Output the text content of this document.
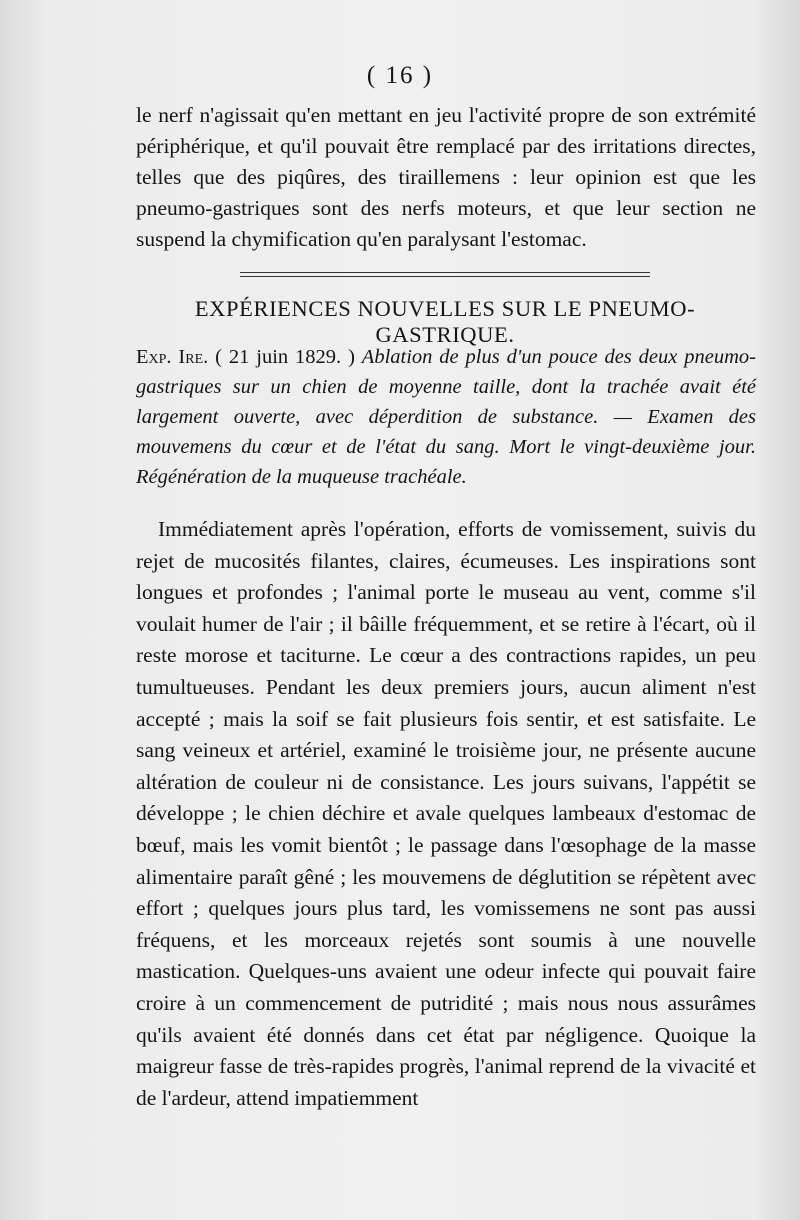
( 16 )
le nerf n'agissait qu'en mettant en jeu l'activité propre de son extrémité périphérique, et qu'il pouvait être remplacé par des irritations directes, telles que des piqûres, des tiraillemens : leur opinion est que les pneumo-gastriques sont des nerfs moteurs, et que leur section ne suspend la chymification qu'en paralysant l'estomac.
EXPÉRIENCES NOUVELLES SUR LE PNEUMO-GASTRIQUE.
Exp. Ire. ( 21 juin 1829. ) Ablation de plus d'un pouce des deux pneumo-gastriques sur un chien de moyenne taille, dont la trachée avait été largement ouverte, avec déperdition de substance. — Examen des mouvemens du cœur et de l'état du sang. Mort le vingt-deuxième jour. Régénération de la muqueuse trachéale.
Immédiatement après l'opération, efforts de vomissement, suivis du rejet de mucosités filantes, claires, écumeuses. Les inspirations sont longues et profondes ; l'animal porte le museau au vent, comme s'il voulait humer de l'air ; il bâille fréquemment, et se retire à l'écart, où il reste morose et taciturne. Le cœur a des contractions rapides, un peu tumultueuses. Pendant les deux premiers jours, aucun aliment n'est accepté ; mais la soif se fait plusieurs fois sentir, et est satisfaite. Le sang veineux et artériel, examiné le troisième jour, ne présente aucune altération de couleur ni de consistance. Les jours suivans, l'appétit se développe ; le chien déchire et avale quelques lambeaux d'estomac de bœuf, mais les vomit bientôt ; le passage dans l'œsophage de la masse alimentaire paraît gêné ; les mouvemens de déglutition se répètent avec effort ; quelques jours plus tard, les vomissemens ne sont pas aussi fréquens, et les morceaux rejetés sont soumis à une nouvelle mastication. Quelques-uns avaient une odeur infecte qui pouvait faire croire à un commencement de putridité ; mais nous nous assurâmes qu'ils avaient été donnés dans cet état par négligence. Quoique la maigreur fasse de très-rapides progrès, l'animal reprend de la vivacité et de l'ardeur, attend impatiemment
